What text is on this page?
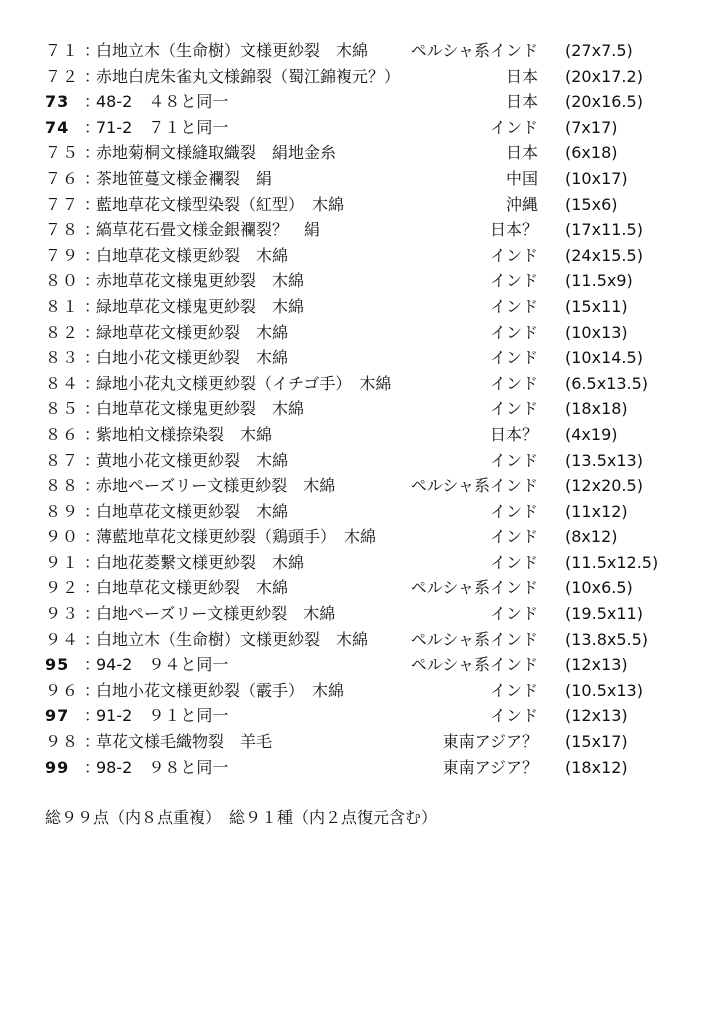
７１ ：
白地立木（生命樹）文様更紗裂　木綿	ペルシャ系インド (27x7.5)
７２ ：
赤地白虎朱雀丸文様錦裂（蜀江錦複元？）	日本 (20x17.2)
73 ：
48-2　４８と同一	日本 (20x16.5)
74 ：
71-2　７１と同一	インド (7x17)
７５ ：
赤地菊桐文様縫取織裂　絹地金糸	日本 (6x18)
７６ ：
茶地笹蔓文様金襴裂　絹	中国 (10x17)
７７ ：
藍地草花文様型染裂（紅型）　木綿	沖縄 (15x6)
７８ ：
縞草花石畳文様金銀襴裂？　絹	日本？ (17x11.5)
７９ ：
白地草花文様更紗裂　木綿	インド (24x15.5)
８０ ：
赤地草花文様鬼更紗裂　木綿	インド (11.5x9)
８１ ：
緑地草花文様鬼更紗裂　木綿	インド (15x11)
８２ ：
緑地草花文様更紗裂　木綿	インド (10x13)
８３ ：
白地小花文様更紗裂　木綿	インド (10x14.5)
８４ ：
緑地小花丸文様更紗裂（イチゴ手）　木綿	インド (6.5x13.5)
８５ ：
白地草花文様鬼更紗裂　木綿	インド (18x18)
８６ ：
紫地柏文様捺染裂　木綿	日本？ (4x19)
８７ ：
黄地小花文様更紗裂　木綿	インド (13.5x13)
８８ ：
赤地ペーズリー文様更紗裂　木綿	ペルシャ系インド (12x20.5)
８９ ：
白地草花文様更紗裂　木綿	インド (11x12)
９０ ：
薄藍地草花文様更紗裂（鶏頭手）　木綿	インド (8x12)
９１ ：
白地花菱繋文様更紗裂　木綿	インド (11.5x12.5)
９２ ：
白地草花文様更紗裂　木綿	ペルシャ系インド (10x6.5)
９３ ：
白地ペーズリー文様更紗裂　木綿	インド (19.5x11)
９４ ：
白地立木（生命樹）文様更紗裂　木綿	ペルシャ系インド (13.8x5.5)
95 ：
94-2　９４と同一	ペルシャ系インド (12x13)
９６ ：
白地小花文様更紗裂（霰手）　木綿	インド (10.5x13)
97 ：
91-2　９１と同一	インド (12x13)
９８ ：
草花文様毛織物裂　羊毛	東南アジア？ (15x17)
99 ：
98-2　９８と同一	東南アジア？ (18x12)
総９９点（内８点重複）　総９１種（内２点復元含む）
